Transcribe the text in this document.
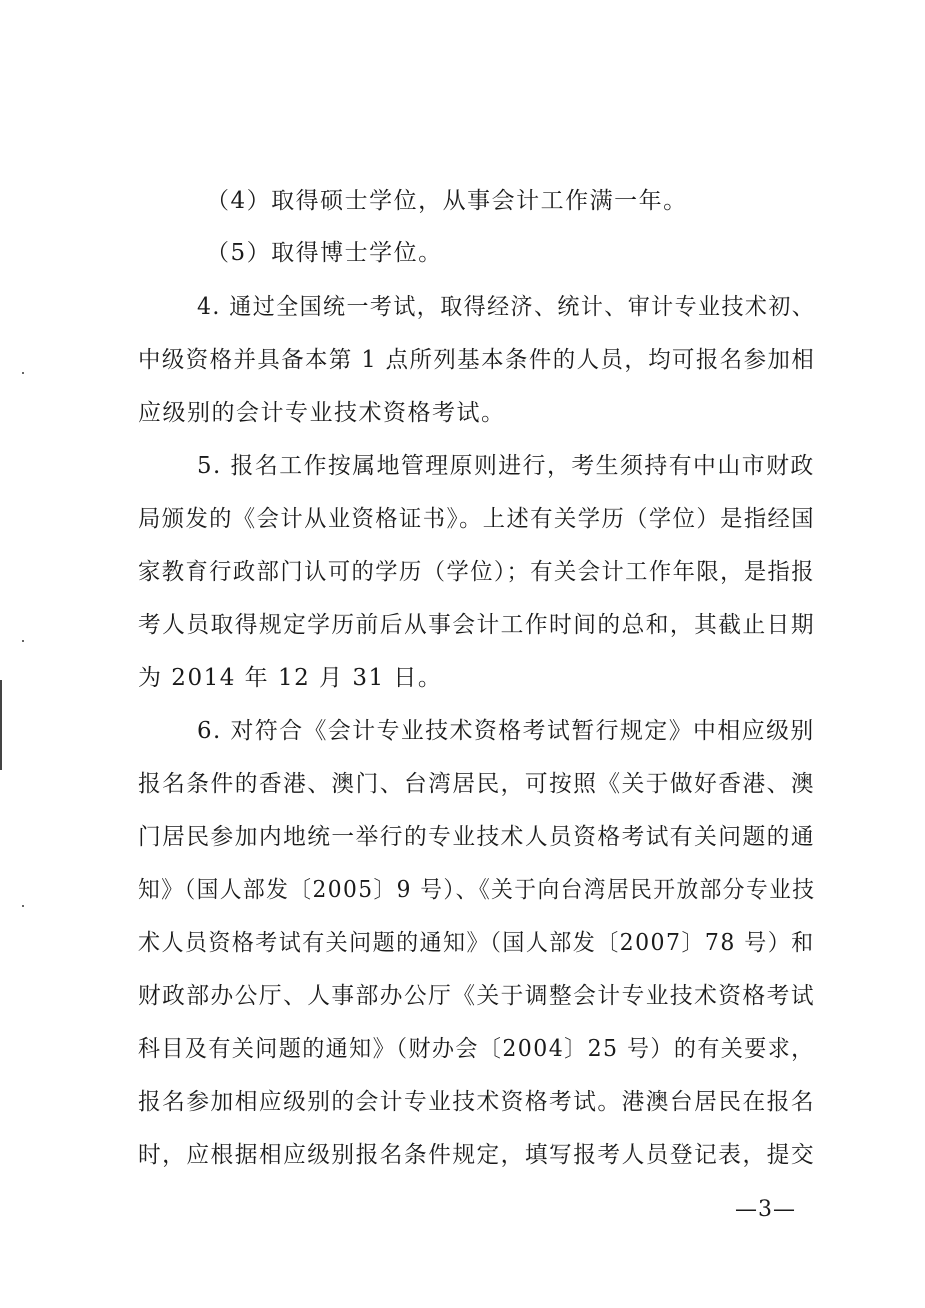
（4）取得硕士学位，从事会计工作满一年。
（5）取得博士学位。
4. 通过全国统一考试，取得经济、统计、审计专业技术初、
中级资格并具备本第 1 点所列基本条件的人员，均可报名参加相
应级别的会计专业技术资格考试。
5. 报名工作按属地管理原则进行，考生须持有中山市财政
局颁发的《会计从业资格证书》。上述有关学历（学位）是指经国
家教育行政部门认可的学历（学位）；有关会计工作年限，是指报
考人员取得规定学历前后从事会计工作时间的总和，其截止日期
为 2014 年 12 月 31 日。
6. 对符合《会计专业技术资格考试暂行规定》中相应级别
报名条件的香港、澳门、台湾居民，可按照《关于做好香港、澳
门居民参加内地统一举行的专业技术人员资格考试有关问题的通
知》（国人部发〔2005〕9 号）、《关于向台湾居民开放部分专业技
术人员资格考试有关问题的通知》（国人部发〔2007〕78 号）和
财政部办公厅、人事部办公厅《关于调整会计专业技术资格考试
科目及有关问题的通知》（财办会〔2004〕25 号）的有关要求，
报名参加相应级别的会计专业技术资格考试。港澳台居民在报名
时，应根据相应级别报名条件规定，填写报考人员登记表，提交
—3—
